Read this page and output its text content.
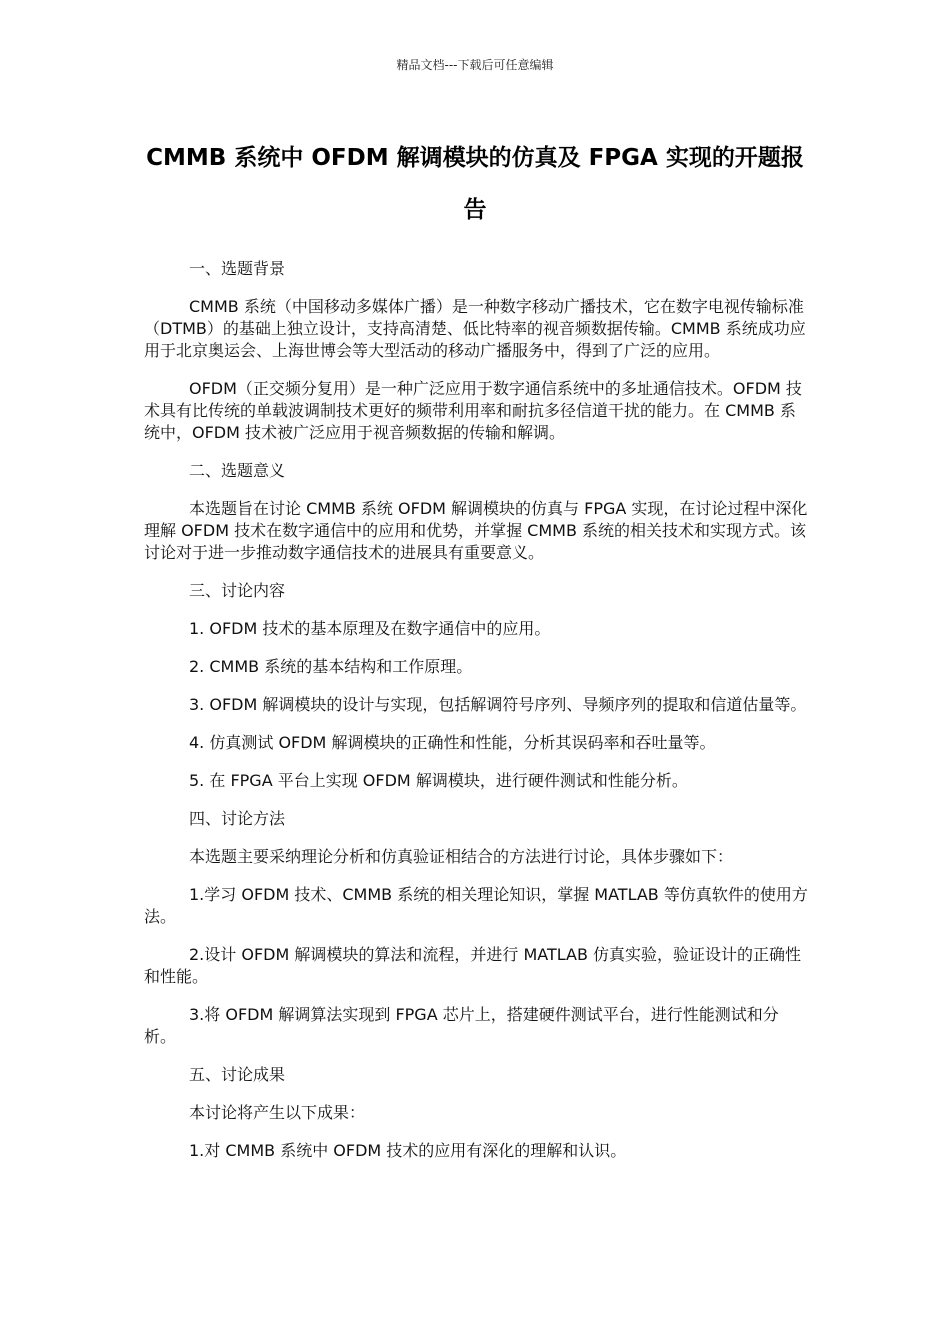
精品文档---下载后可任意编辑
CMMB 系统中 OFDM 解调模块的仿真及 FPGA 实现的开题报告

一、选题背景

CMMB 系统（中国移动多媒体广播）是一种数字移动广播技术，它在数字电视传输标准（DTMB）的基础上独立设计，支持高清楚、低比特率的视音频数据传输。CMMB 系统成功应用于北京奥运会、上海世博会等大型活动的移动广播服务中，得到了广泛的应用。

OFDM（正交频分复用）是一种广泛应用于数字通信系统中的多址通信技术。OFDM 技术具有比传统的单载波调制技术更好的频带利用率和耐抗多径信道干扰的能力。在 CMMB 系统中，OFDM 技术被广泛应用于视音频数据的传输和解调。

二、选题意义

本选题旨在讨论 CMMB 系统 OFDM 解调模块的仿真与 FPGA 实现，在讨论过程中深化理解 OFDM 技术在数字通信中的应用和优势，并掌握 CMMB 系统的相关技术和实现方式。该讨论对于进一步推动数字通信技术的进展具有重要意义。

三、讨论内容

1. OFDM 技术的基本原理及在数字通信中的应用。

2. CMMB 系统的基本结构和工作原理。

3. OFDM 解调模块的设计与实现，包括解调符号序列、导频序列的提取和信道估量等。

4. 仿真测试 OFDM 解调模块的正确性和性能，分析其误码率和吞吐量等。

5. 在 FPGA 平台上实现 OFDM 解调模块，进行硬件测试和性能分析。

四、讨论方法

本选题主要采纳理论分析和仿真验证相结合的方法进行讨论，具体步骤如下：

1.学习 OFDM 技术、CMMB 系统的相关理论知识，掌握 MATLAB 等仿真软件的使用方法。

2.设计 OFDM 解调模块的算法和流程，并进行 MATLAB 仿真实验，验证设计的正确性和性能。

3.将 OFDM 解调算法实现到 FPGA 芯片上，搭建硬件测试平台，进行性能测试和分析。

五、讨论成果

本讨论将产生以下成果：

1.对 CMMB 系统中 OFDM 技术的应用有深化的理解和认识。
